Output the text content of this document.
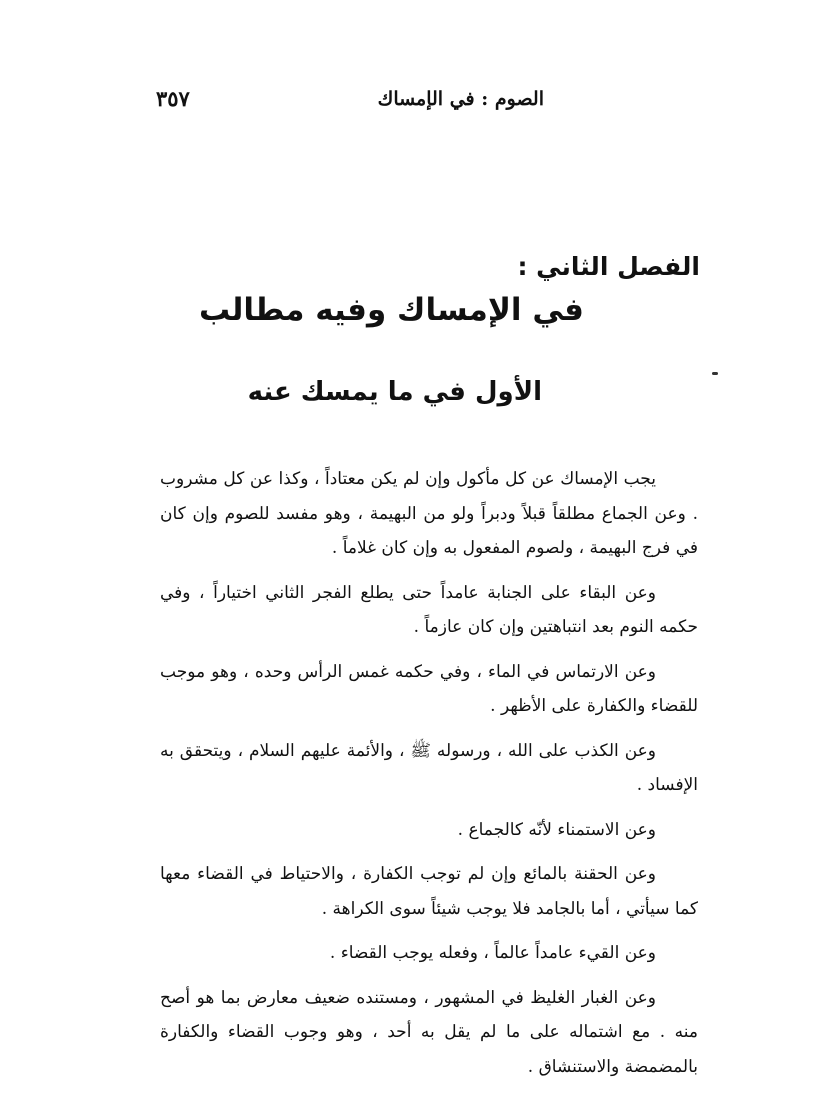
الصوم : في الإمساك
٣٥٧
الفصل الثاني :
في الإمساك وفيه مطالب
الأول في ما يمسك عنه

يجب الإمساك عن كل مأكول وإن لم يكن معتاداً ، وكذا عن كل مشروب . وعن الجماع مطلقاً قبلاً ودبراً ولو من البهيمة ، وهو مفسد للصوم وإن كان في فرج البهيمة ، ولصوم المفعول به وإن كان غلاماً .

وعن البقاء على الجنابة عامداً حتى يطلع الفجر الثاني اختياراً ، وفي حكمه النوم بعد انتباهتين وإن كان عازماً .

وعن الارتماس في الماء ، وفي حكمه غمس الرأس وحده ، وهو موجب للقضاء والكفارة على الأظهر .

وعن الكذب على الله ، ورسوله ﷺ ، والأئمة عليهم السلام ، ويتحقق به الإفساد .

وعن الاستمناء لأنّه كالجماع .

وعن الحقنة بالمائع وإن لم توجب الكفارة ، والاحتياط في القضاء معها كما سيأتي ، أما بالجامد فلا يوجب شيئاً سوى الكراهة .

وعن القيء عامداً عالماً ، وفعله يوجب القضاء .

وعن الغبار الغليظ في المشهور ، ومستنده ضعيف معارض بما هو أصح منه . مع اشتماله على ما لم يقل به أحد ، وهو وجوب القضاء والكفارة بالمضمضة والاستنشاق .
